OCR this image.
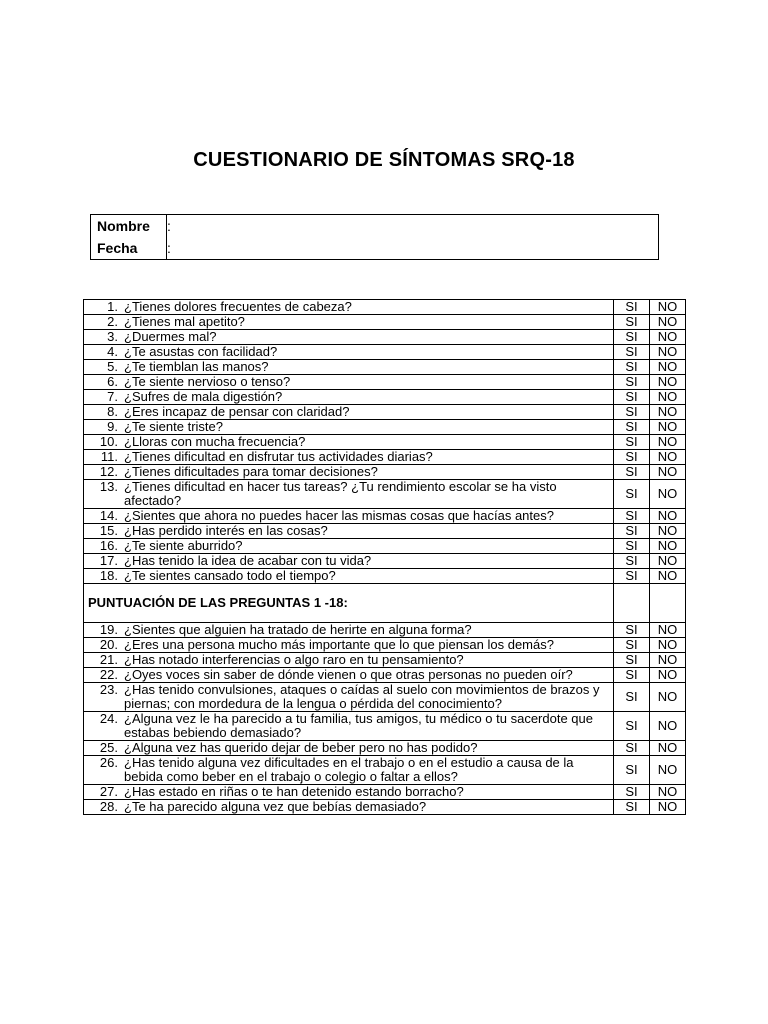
CUESTIONARIO DE SÍNTOMAS SRQ-18
Nombre	:
Fecha	:
1. ¿Tienes dolores frecuentes de cabeza?	SI	NO

2. ¿Tienes mal apetito?	SI	NO

3. ¿Duermes mal?	SI	NO

4. ¿Te asustas con facilidad?	SI	NO

5. ¿Te tiemblan las manos?	SI	NO

6. ¿Te siente nervioso o tenso?	SI	NO

7. ¿Sufres de mala digestión?	SI	NO

8. ¿Eres incapaz de pensar con claridad?	SI	NO

9. ¿Te siente triste?	SI	NO

10. ¿Lloras con mucha frecuencia?	SI	NO

11. ¿Tienes dificultad en disfrutar tus actividades diarias?	SI	NO

12. ¿Tienes dificultades para tomar decisiones?	SI	NO

13. ¿Tienes dificultad en hacer tus tareas? ¿Tu rendimiento escolar se ha visto afectado?	SI	NO

14. ¿Sientes que ahora no puedes hacer las mismas cosas que hacías antes?	SI	NO

15. ¿Has perdido interés en las cosas?	SI	NO

16. ¿Te siente aburrido?	SI	NO

17. ¿Has tenido la idea de acabar con tu vida?	SI	NO

18. ¿Te sientes cansado todo el tiempo?	SI	NO
PUNTUACIÓN DE LAS PREGUNTAS 1 -18:		

19. ¿Sientes que alguien ha tratado de herirte en alguna forma?	SI	NO

20. ¿Eres una persona mucho más importante que lo que piensan los demás?	SI	NO

21. ¿Has notado interferencias o algo raro en tu pensamiento?	SI	NO

22. ¿Oyes voces sin saber de dónde vienen o que otras personas no pueden oír?	SI	NO

23. ¿Has tenido convulsiones, ataques o caídas al suelo con movimientos de brazos y piernas; con mordedura de la lengua o pérdida del conocimiento?	SI	NO

24. ¿Alguna vez le ha parecido a tu familia, tus amigos, tu médico o tu sacerdote que estabas bebiendo demasiado?	SI	NO

25. ¿Alguna vez has querido dejar de beber pero no has podido?	SI	NO

26. ¿Has tenido alguna vez dificultades en el trabajo o en el estudio a causa de la bebida como beber en el trabajo o colegio o faltar a ellos?	SI	NO

27. ¿Has estado en riñas o te han detenido estando borracho?	SI	NO

28. ¿Te ha parecido alguna vez que bebías demasiado?	SI	NO
